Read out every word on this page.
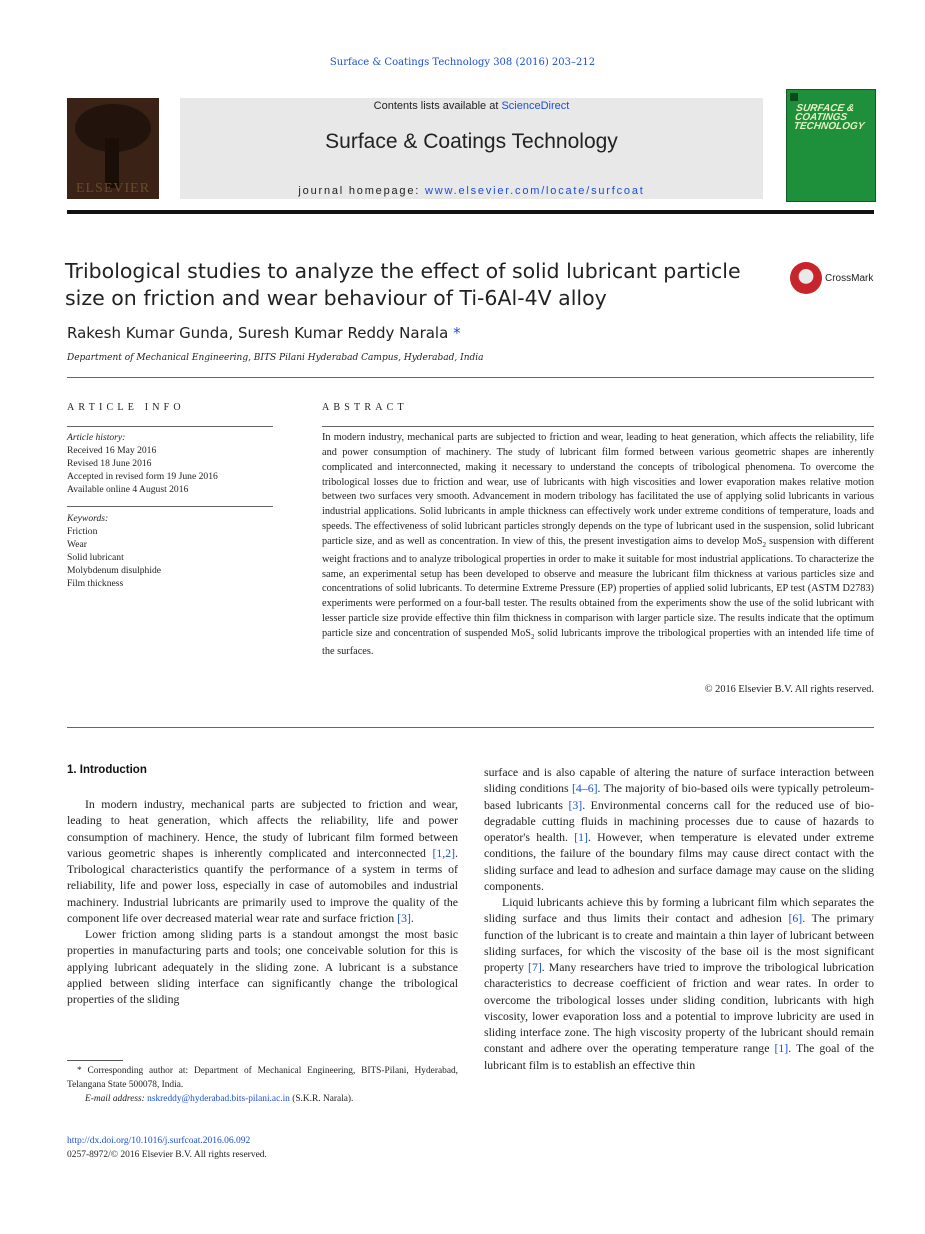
Surface & Coatings Technology 308 (2016) 203–212
ELSEVIER
Contents lists available at ScienceDirect
Surface & Coatings Technology
journal homepage: www.elsevier.com/locate/surfcoat
SURFACE & COATINGS TECHNOLOGY
Tribological studies to analyze the effect of solid lubricant particle size on friction and wear behaviour of Ti-6Al-4V alloy
CrossMark
Rakesh Kumar Gunda, Suresh Kumar Reddy Narala *
Department of Mechanical Engineering, BITS Pilani Hyderabad Campus, Hyderabad, India
ARTICLE INFO	ABSTRACT
Article history:
Received 16 May 2016
Revised 18 June 2016
Accepted in revised form 19 June 2016
Available online 4 August 2016
Keywords:
Friction
Wear
Solid lubricant
Molybdenum disulphide
Film thickness
In modern industry, mechanical parts are subjected to friction and wear, leading to heat generation, which affects the reliability, life and power consumption of machinery. The study of lubricant film formed between various geometric shapes are inherently complicated and interconnected, making it necessary to understand the concepts of tribological phenomena. To overcome the tribological losses due to friction and wear, use of lubricants with high viscosities and lower evaporation makes relative motion between two surfaces very smooth. Advancement in modern tribology has facilitated the use of applying solid lubricants in various industrial applications. Solid lubricants in ample thickness can effectively work under extreme conditions of temperature, loads and speeds. The effectiveness of solid lubricant particles strongly depends on the type of lubricant used in the suspension, solid lubricant particle size, and as well as concentration. In view of this, the present investigation aims to develop MoS$_2$ suspension with different weight fractions and to analyze tribological properties in order to make it suitable for most industrial applications. To characterize the same, an experimental setup has been developed to observe and measure the lubricant film thickness at various particles size and concentrations of solid lubricants. To determine Extreme Pressure (EP) properties of applied solid lubricants, EP test (ASTM D2783) experiments were performed on a four-ball tester. The results obtained from the experiments show the use of the solid lubricant with lesser particle size provide effective thin film thickness in comparison with larger particle size. The results indicate that the optimum particle size and concentration of suspended MoS$_2$ solid lubricants improve the tribological properties with an intended life time of the surfaces.
© 2016 Elsevier B.V. All rights reserved.
1. Introduction

In modern industry, mechanical parts are subjected to friction and wear, leading to heat generation, which affects the reliability, life and power consumption of machinery. Hence, the study of lubricant film formed between various geometric shapes is inherently complicated and interconnected [1,2]. Tribological characteristics quantify the performance of a system in terms of reliability, life and power loss, especially in case of automobiles and industrial machinery. Industrial lubricants are primarily used to improve the quality of the component life over decreased material wear rate and surface friction [3].

Lower friction among sliding parts is a standout amongst the most basic properties in manufacturing parts and tools; one conceivable solution for this is applying lubricant adequately in the sliding zone. A lubricant is a substance applied between sliding interface can significantly change the tribological properties of the sliding

surface and is also capable of altering the nature of surface interaction between sliding conditions [4–6]. The majority of bio-based oils were typically petroleum-based lubricants [3]. Environmental concerns call for the reduced use of bio-degradable cutting fluids in machining processes due to cause of hazards to operator's health. [1]. However, when temperature is elevated under extreme conditions, the failure of the boundary films may cause direct contact with the sliding surface and lead to adhesion and surface damage may cause on the sliding components.

Liquid lubricants achieve this by forming a lubricant film which separates the sliding surface and thus limits their contact and adhesion [6]. The primary function of the lubricant is to create and maintain a thin layer of lubricant between sliding surfaces, for which the viscosity of the base oil is the most significant property [7]. Many researchers have tried to improve the tribological lubrication characteristics to decrease coefficient of friction and wear rates. In order to overcome the tribological losses under sliding condition, lubricants with high viscosity, lower evaporation loss and a potential to improve lubricity are used in sliding interface zone. The high viscosity property of the lubricant should remain constant and adhere over the operating temperature range [1]. The goal of the lubricant film is to establish an effective thin

* Corresponding author at: Department of Mechanical Engineering, BITS-Pilani, Hyderabad, Telangana State 500078, India.
E-mail address: nskreddy@hyderabad.bits-pilani.ac.in (S.K.R. Narala).
http://dx.doi.org/10.1016/j.surfcoat.2016.06.092
0257-8972/© 2016 Elsevier B.V. All rights reserved.
